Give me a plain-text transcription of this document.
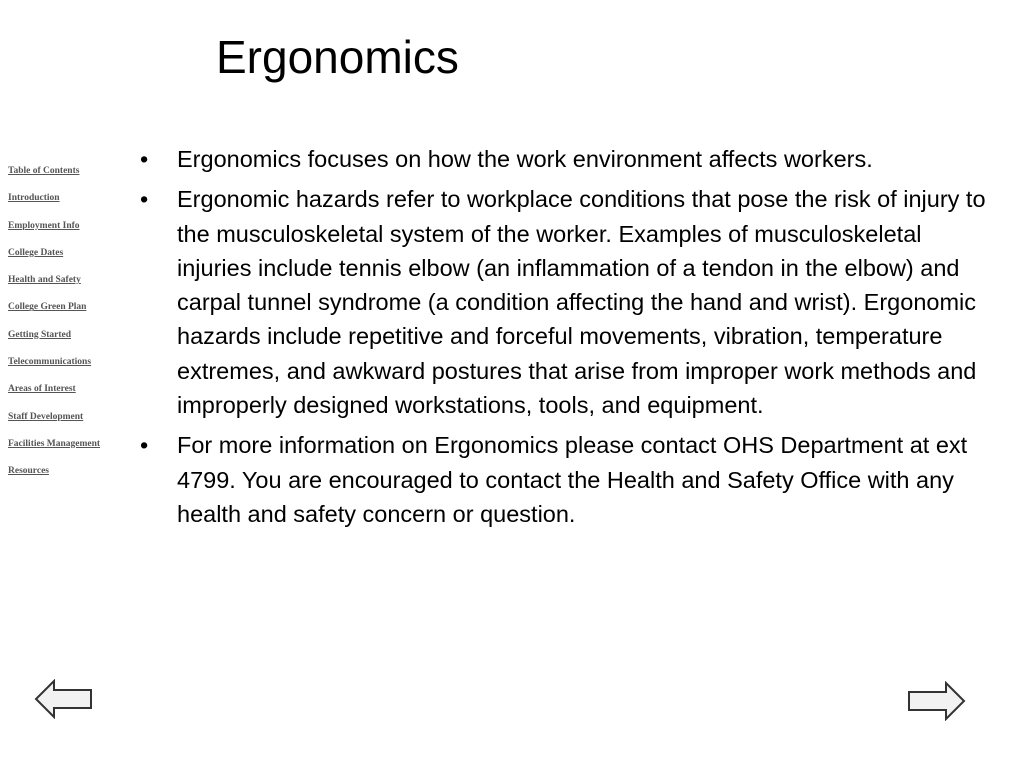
Ergonomics
Table of Contents
Introduction
Employment Info
College Dates
Health and Safety
College Green Plan
Getting Started
Telecommunications
Areas of Interest
Staff Development
Facilities Management
Resources
•	Ergonomics focuses on how the work environment affects workers.
•	Ergonomic hazards refer to workplace conditions that pose the risk of injury to the musculoskeletal system of the worker. Examples of musculoskeletal injuries include tennis elbow (an inflammation of a tendon in the elbow) and carpal tunnel syndrome (a condition affecting the hand and wrist). Ergonomic hazards include repetitive and forceful movements, vibration, temperature extremes, and awkward postures that arise from improper work methods and improperly designed workstations, tools, and equipment.
•	For more information on Ergonomics please contact OHS Department at ext 4799. You are encouraged to contact the Health and Safety Office with any health and safety concern or question.
